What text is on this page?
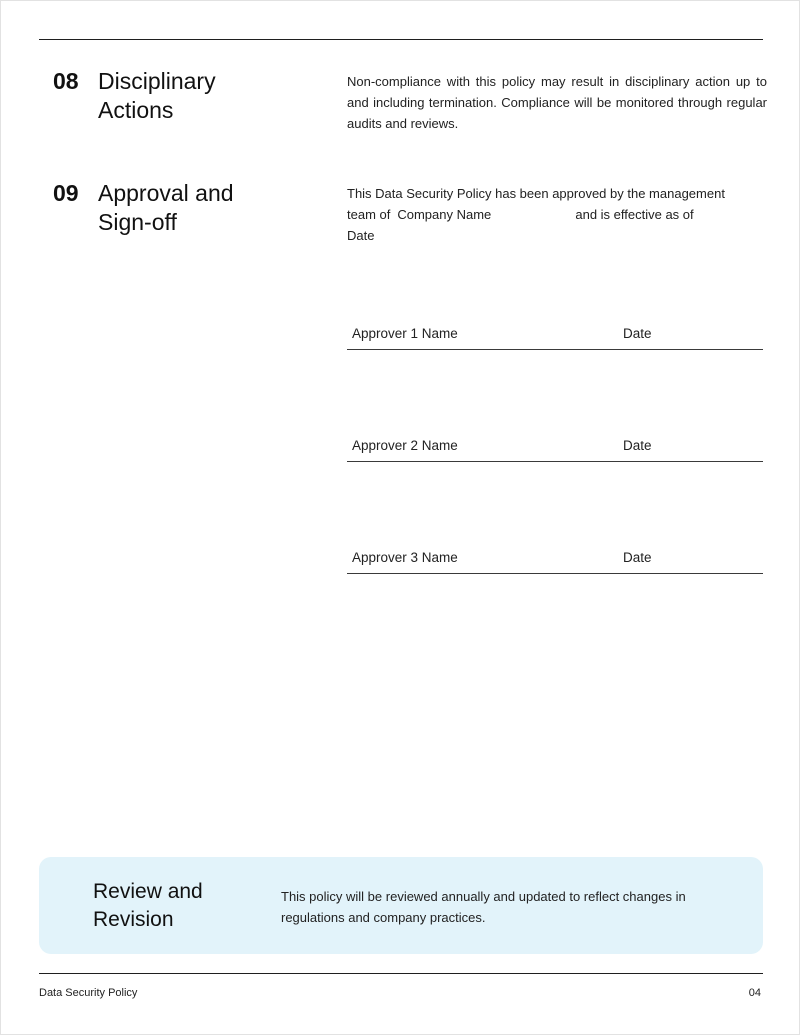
08 Disciplinary Actions

Non-compliance with this policy may result in disciplinary action up to and including termination. Compliance will be monitored through regular audits and reviews.

09 Approval and Sign-off

This Data Security Policy has been approved by the management
team of Company Name	and is effective as of
Date

Approver 1 Name	Date
Approver 2 Name	Date
Approver 3 Name	Date
Review and Revision

This policy will be reviewed annually and updated to reflect changes in regulations and company practices.

Data Security Policy	04
